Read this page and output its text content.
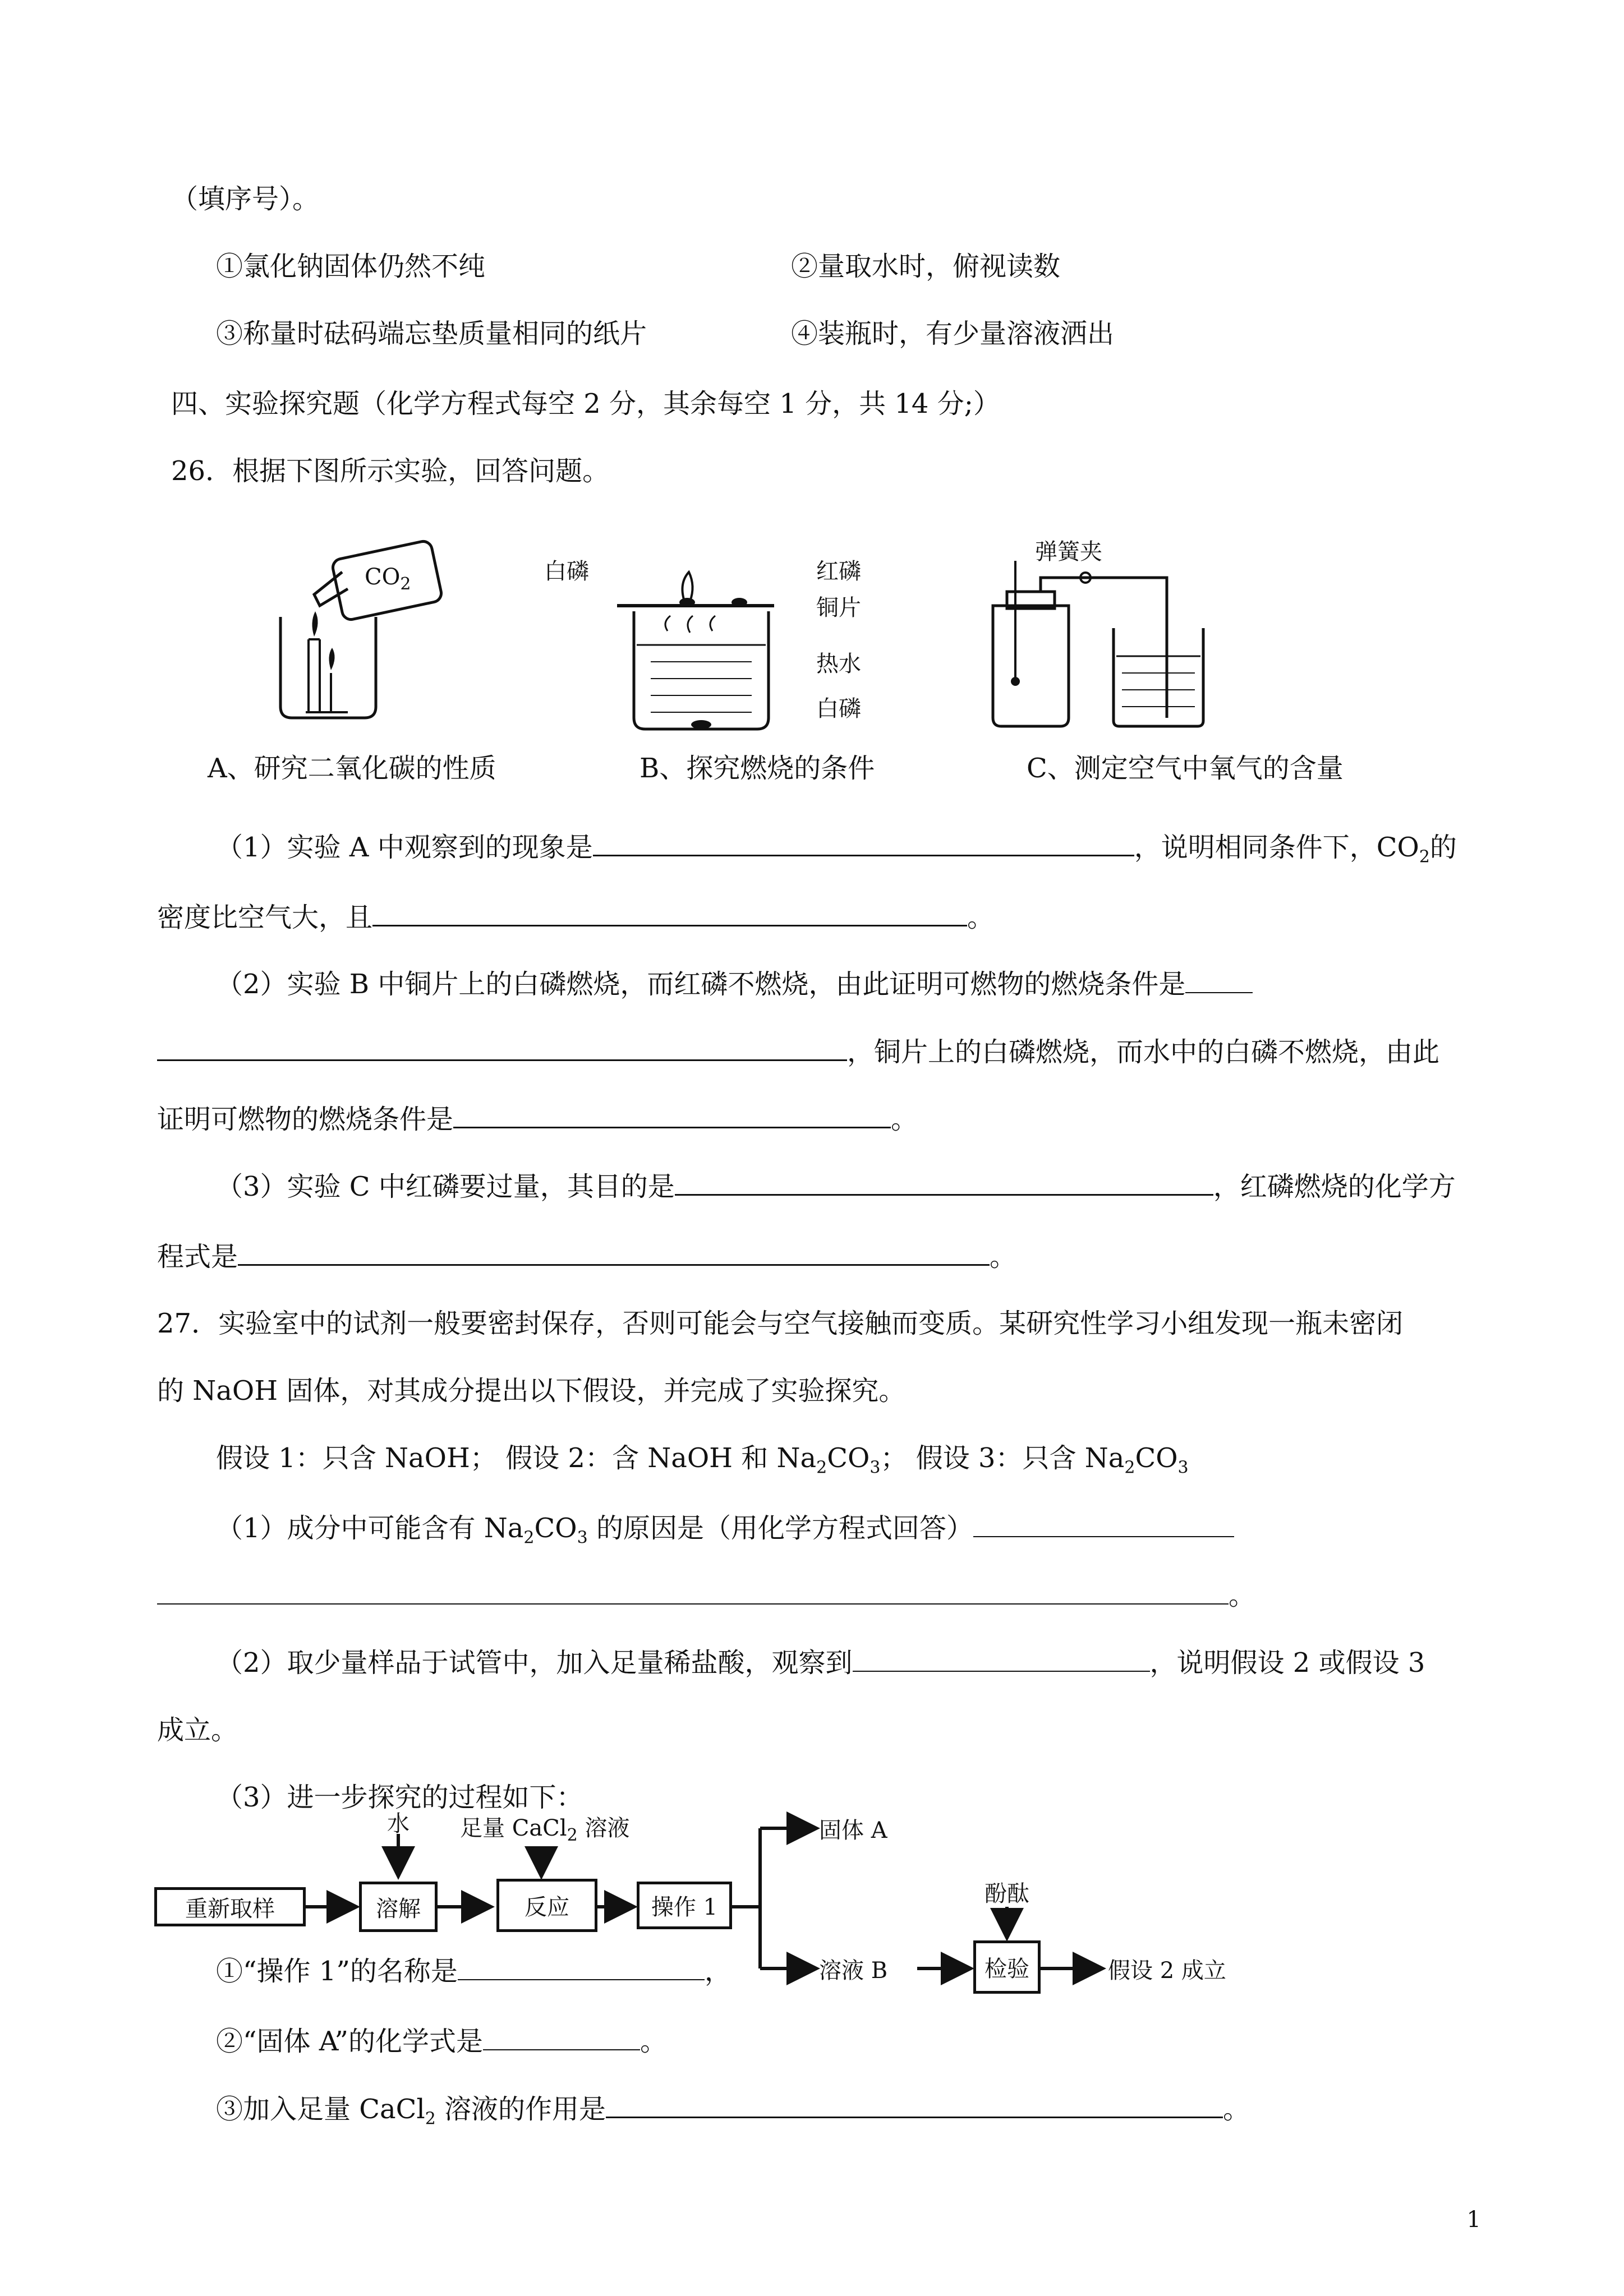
（填序号）。
①氯化钠固体仍然不纯	②量取水时，俯视读数
③称量时砝码端忘垫质量相同的纸片	④装瓶时，有少量溶液洒出
四、实验探究题（化学方程式每空 2 分，其余每空 1 分，共 14 分;）
26．根据下图所示实验，回答问题。
$CO_2$	白磷	红磷
铜片
热水
白磷
弹簧夹
A、研究二氧化碳的性质	B、探究燃烧的条件	C、测定空气中氧气的含量
（1）实验 A 中观察到的现象是	，说明相同条件下，$CO_2$的
密度比空气大，且	。
（2）实验 B 中铜片上的白磷燃烧，而红磷不燃烧，由此证明可燃物的燃烧条件是
，铜片上的白磷燃烧，而水中的白磷不燃烧，由此
证明可燃物的燃烧条件是	。
（3）实验 C 中红磷要过量，其目的是	，红磷燃烧的化学方
程式是	。
27．实验室中的试剂一般要密封保存，否则可能会与空气接触而变质。某研究性学习小组发现一瓶未密闭
的 NaOH 固体，对其成分提出以下假设，并完成了实验探究。
假设 1：只含 NaOH； 假设 2：含 NaOH 和 $Na_2CO_3$； 假设 3：只含 $Na_2CO_3$
（1）成分中可能含有 $Na_2CO_3$ 的原因是（用化学方程式回答）
。
（2）取少量样品于试管中，加入足量稀盐酸，观察到	，说明假设 2 或假设 3
成立。
（3）进一步探究的过程如下：
水 足量 CaCl$_2$ 溶液
重新取样	溶解	反应	操作 1
固体 A
溶液 B
酚酞
检验	假设 2 成立
①“操作 1”的名称是	，
②“固体 A”的化学式是	。
③加入足量 CaCl$_2$ 溶液的作用是	。
1
